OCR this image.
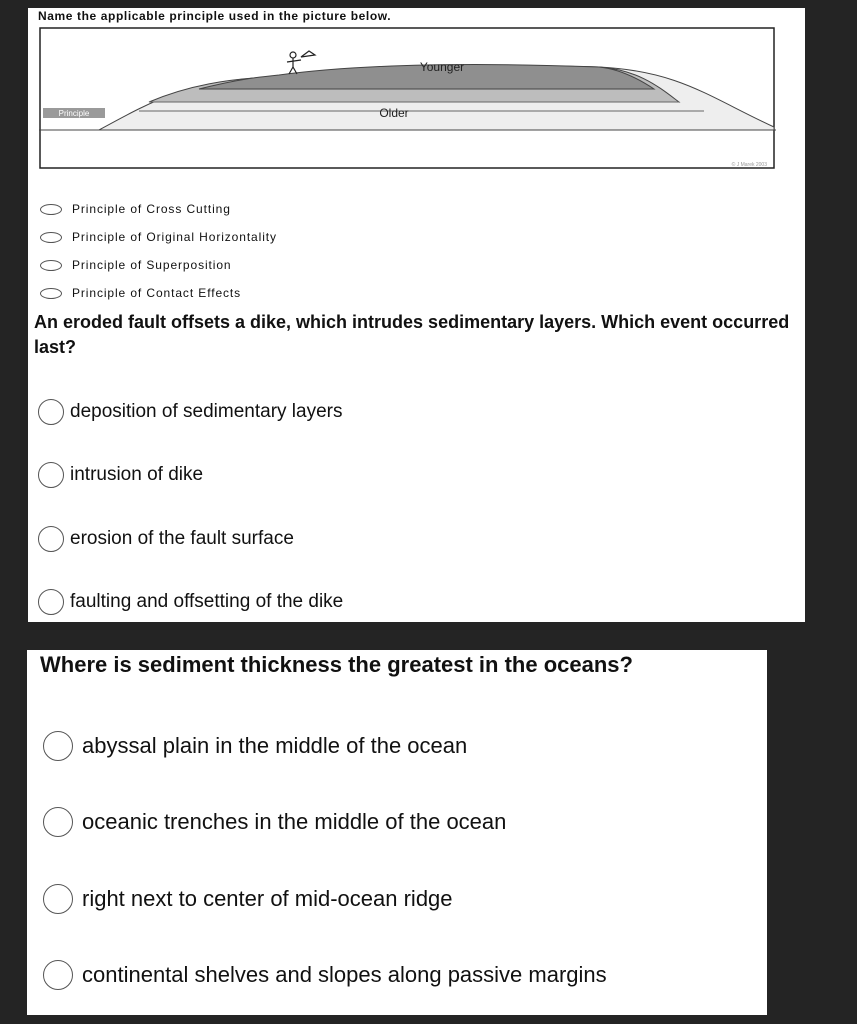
Name the applicable principle used in the picture below.
Younger
Older
Principle
© J Marek 2003
Principle of Cross Cutting
Principle of Original Horizontality
Principle of Superposition
Principle of Contact Effects
An eroded fault offsets a dike, which intrudes sedimentary layers. Which event occurred last?
deposition of sedimentary layers
intrusion of dike
erosion of the fault surface
faulting and offsetting of the dike
Where is sediment thickness the greatest in the oceans?
abyssal plain in the middle of the ocean
oceanic trenches in the middle of the ocean
right next to center of mid-ocean ridge
continental shelves and slopes along passive margins
